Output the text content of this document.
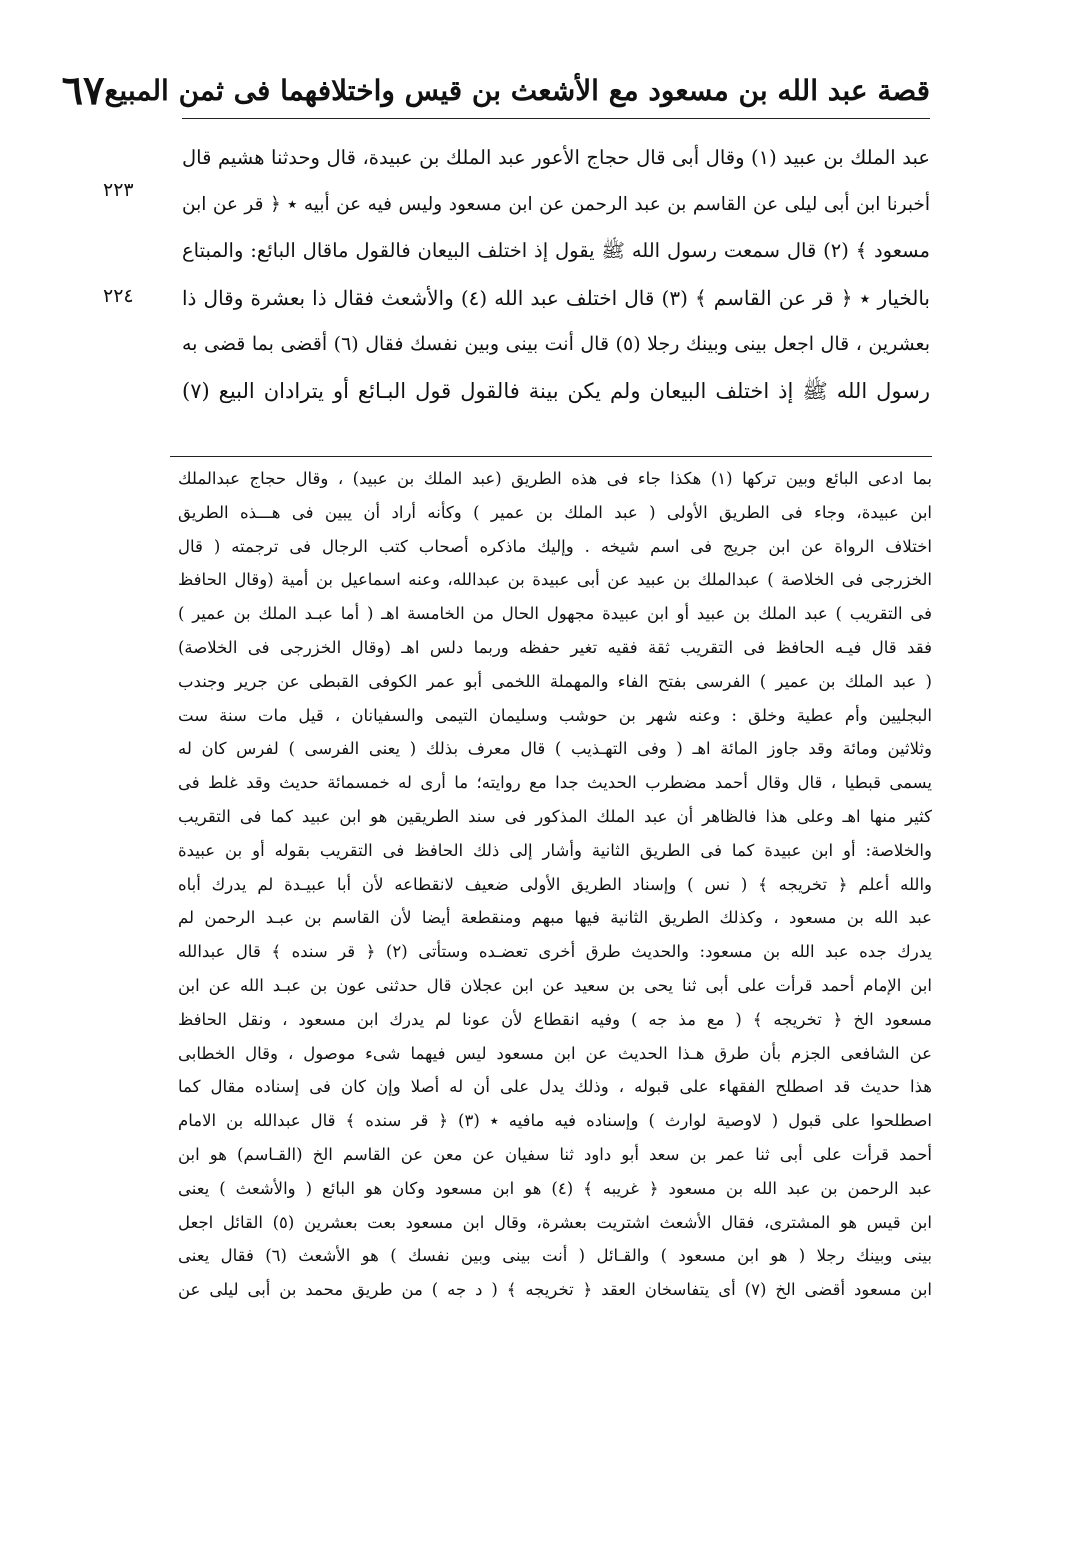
قصة عبد الله بن مسعود مع الأشعث بن قيس واختلافهما فى ثمن المبيع
٦٧
٢٢٣
٢٢٤
عبد الملك بن عبيد (١) وقال أبى قال حجاج الأعور عبد الملك بن عبيدة، قال وحدثنا هشيم قال
أخبرنا ابن أبى ليلى عن القاسم بن عبد الرحمن عن ابن مسعود وليس فيه عن أبيه ٭ ﴿ قر عن ابن
مسعود ﴾ (٢) قال سمعت رسول الله ﷺ يقول إذ اختلف البيعان فالقول ماقال البائع: والمبتاع
بالخيار ٭ ﴿ قر عن القاسم ﴾ (٣) قال اختلف عبد الله (٤) والأشعث فقال ذا بعشرة وقال ذا
بعشرين ، قال اجعل بينى وبينك رجلا (٥) قال أنت بينى وبين نفسك فقال (٦) أقضى بما قضى به
رسول الله ﷺ إذ اختلف البيعان ولم يكن بينة فالقول قول البـائع أو يترادان البيع (٧)
بما ادعى البائع وبين تركها (١) هكذا جاء فى هذه الطريق (عبد الملك بن عبيد) ، وقال حجاج عبدالملك
ابن عبيدة، وجاء فى الطريق الأولى ( عبد الملك بن عمير ) وكأنه أراد أن يبين فى هـــذه الطريق
اختلاف الرواة عن ابن جريج فى اسم شيخه . وإليك ماذكره أصحاب كتب الرجال فى ترجمته ( قال
الخزرجى فى الخلاصة ) عبدالملك بن عبيد عن أبى عبيدة بن عبدالله، وعنه اسماعيل بن أمية (وقال الحافظ
فى التقريب ) عبد الملك بن عبيد أو ابن عبيدة مجهول الحال من الخامسة اهـ ( أما عبـد الملك بن عمير )
فقد قال فيـه الحافظ فى التقريب ثقة فقيه تغير حفظه وربما دلس اهـ (وقال الخزرجى فى الخلاصة)
( عبد الملك بن عمير ) الفرسى بفتح الفاء والمهملة اللخمى أبو عمر الكوفى القبطى عن جرير وجندب
البجليين وأم عطية وخلق : وعنه شهر بن حوشب وسليمان التيمى والسفيانان ، قيل مات سنة ست
وثلاثين ومائة وقد جاوز المائة اهـ ( وفى التهـذيب ) قال معرف بذلك ( يعنى الفرسى ) لفرس كان له
يسمى قبطيا ، قال وقال أحمد مضطرب الحديث جدا مع روايته؛ ما أرى له خمسمائة حديث وقد غلط فى
كثير منها اهـ وعلى هذا فالظاهر أن عبد الملك المذكور فى سند الطريقين هو ابن عبيد كما فى التقريب
والخلاصة: أو ابن عبيدة كما فى الطريق الثانية وأشار إلى ذلك الحافظ فى التقريب بقوله أو بن عبيدة
والله أعلم ﴿ تخريجه ﴾ ( نس ) وإسناد الطريق الأولى ضعيف لانقطاعه لأن أبا عبيـدة لم يدرك أباه
عبد الله بن مسعود ، وكذلك الطريق الثانية فيها مبهم ومنقطعة أيضا لأن القاسم بن عبـد الرحمن لم
يدرك جده عبد الله بن مسعود: والحديث طرق أخرى تعضـده وستأتى (٢) ﴿ قر سنده ﴾ قال عبدالله
ابن الإمام أحمد قرأت على أبى ثنا يحى بن سعيد عن ابن عجلان قال حدثنى عون بن عبـد الله عن ابن
مسعود الخ ﴿ تخريجه ﴾ ( مع مذ جه ) وفيه انقطاع لأن عونا لم يدرك ابن مسعود ، ونقل الحافظ
عن الشافعى الجزم بأن طرق هـذا الحديث عن ابن مسعود ليس فيهما شىء موصول ، وقال الخطابى
هذا حديث قد اصطلح الفقهاء على قبوله ، وذلك يدل على أن له أصلا وإن كان فى إسناده مقال كما
اصطلحوا على قبول ( لاوصية لوارث ) وإسناده فيه مافيه ٭ (٣) ﴿ قر سنده ﴾ قال عبدالله بن الامام
أحمد قرأت على أبى ثنا عمر بن سعد أبو داود ثنا سفيان عن معن عن القاسم الخ (القـاسم) هو ابن
عبد الرحمن بن عبد الله بن مسعود ﴿ غريبه ﴾ (٤) هو ابن مسعود وكان هو البائع ( والأشعث ) يعنى
ابن قيس هو المشترى، فقال الأشعث اشتريت بعشرة، وقال ابن مسعود بعت بعشرين (٥) القائل اجعل
بينى وبينك رجلا ( هو ابن مسعود ) والقـائل ( أنت بينى وبين نفسك ) هو الأشعث (٦) فقال يعنى
ابن مسعود أقضى الخ (٧) أى يتفاسخان العقد ﴿ تخريجه ﴾ ( د جه ) من طريق محمد بن أبى ليلى عن
